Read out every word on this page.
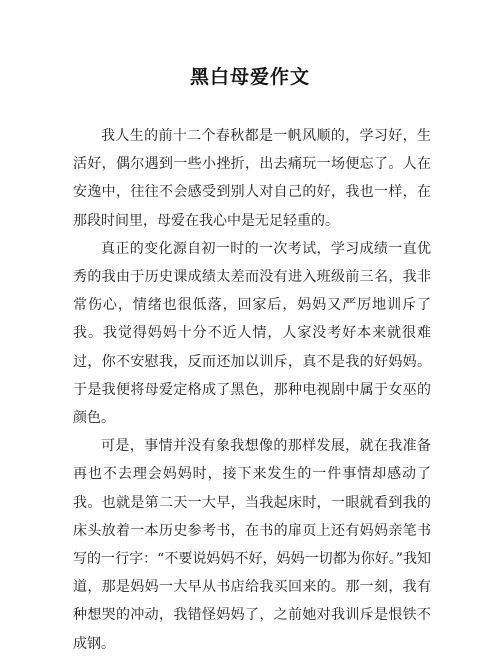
黑白母爱作文

我人生的前十二个春秋都是一帆风顺的，学习好，生活好，偶尔遇到一些小挫折，出去痛玩一场便忘了。人在安逸中，往往不会感受到别人对自己的好，我也一样，在那段时间里，母爱在我心中是无足轻重的。

真正的变化源自初一时的一次考试，学习成绩一直优秀的我由于历史课成绩太差而没有进入班级前三名，我非常伤心，情绪也很低落，回家后，妈妈又严厉地训斥了我。我觉得妈妈十分不近人情，人家没考好本来就很难过，你不安慰我，反而还加以训斥，真不是我的好妈妈。于是我便将母爱定格成了黑色，那种电视剧中属于女巫的颜色。

可是，事情并没有象我想像的那样发展，就在我准备再也不去理会妈妈时，接下来发生的一件事情却感动了我。也就是第二天一大早，当我起床时，一眼就看到我的床头放着一本历史参考书，在书的扉页上还有妈妈亲笔书写的一行字：“不要说妈妈不好，妈妈一切都为你好。”我知道，那是妈妈一大早从书店给我买回来的。那一刻，我有种想哭的冲动，我错怪妈妈了，之前她对我训斥是恨铁不成钢。
